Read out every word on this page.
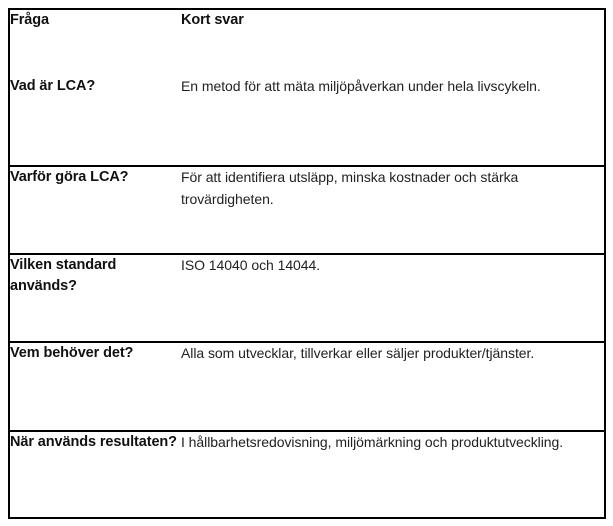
Fråga	Kort svar
Vad är LCA?	En metod för att mäta miljöpåverkan under hela livscykeln.
Varför göra LCA?	För att identifiera utsläpp, minska kostnader och stärka trovärdigheten.
Vilken standard används?	ISO 14040 och 14044.
Vem behöver det?	Alla som utvecklar, tillverkar eller säljer produkter/tjänster.
När används resultaten?	I hållbarhetsredovisning, miljömärkning och produktutveckling.
